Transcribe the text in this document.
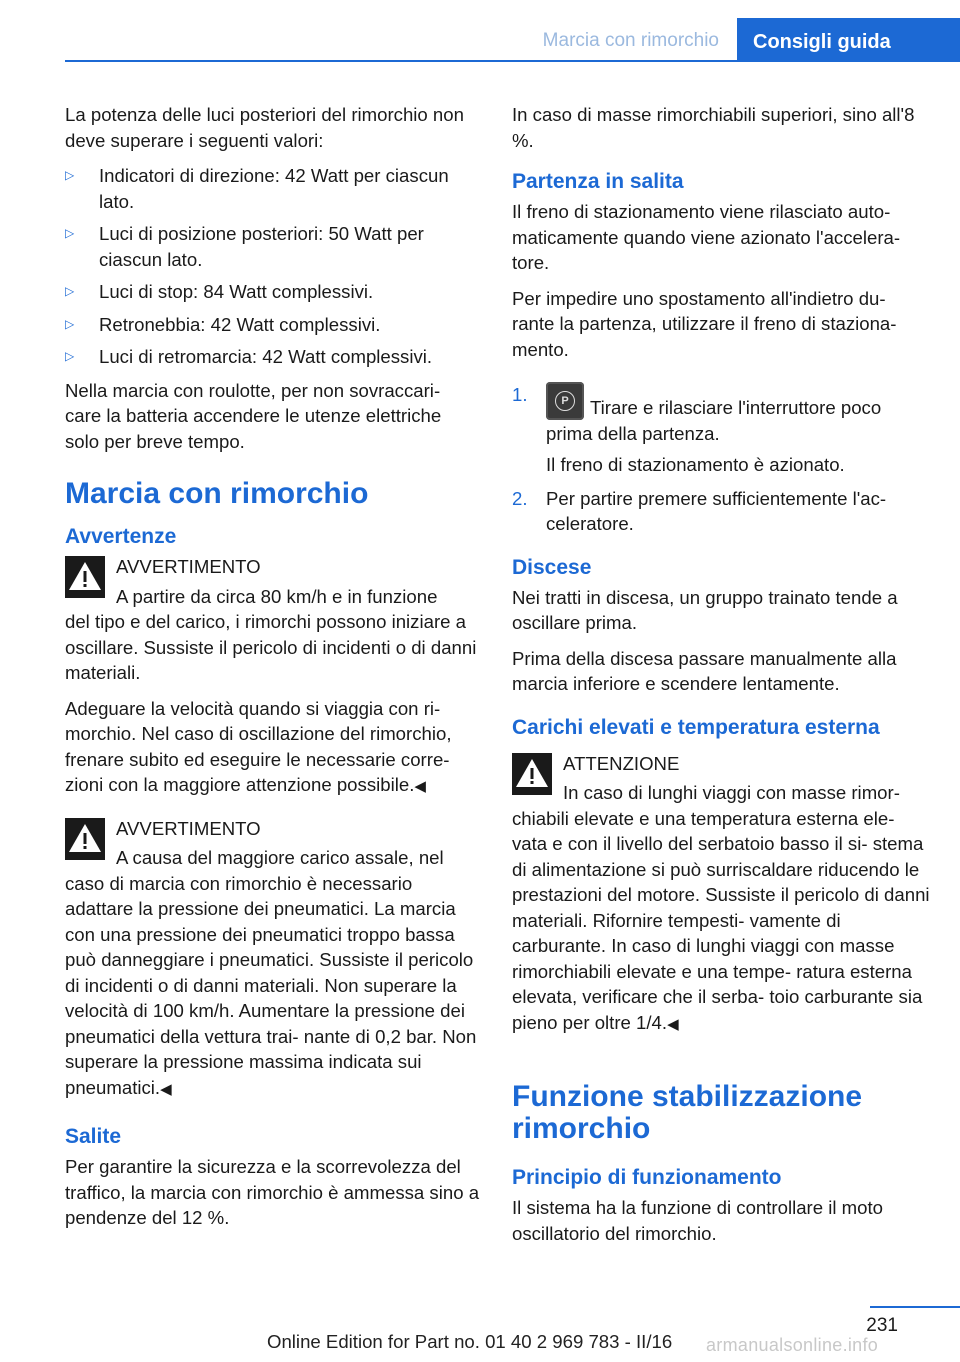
Marcia con rimorchio	Consigli guida

La potenza delle luci posteriori del rimorchio non deve superare i seguenti valori:

▷ Indicatori di direzione: 42 Watt per ciascun lato.
▷ Luci di posizione posteriori: 50 Watt per ciascun lato.
▷ Luci di stop: 84 Watt complessivi.
▷ Retronebbia: 42 Watt complessivi.
▷ Luci di retromarcia: 42 Watt complessivi.

Nella marcia con roulotte, per non sovraccari- care la batteria accendere le utenze elettriche solo per breve tempo.

Marcia con rimorchio
Avvertenze

AVVERTIMENTO

A partire da circa 80 km/h e in funzione

del tipo e del carico, i rimorchi possono iniziare a oscillare. Sussiste il pericolo di incidenti o di danni materiali.

Adeguare la velocità quando si viaggia con ri- morchio. Nel caso di oscillazione del rimorchio, frenare subito ed eseguire le necessarie corre- zioni con la maggiore attenzione possibile.◀

AVVERTIMENTO

A causa del maggiore carico assale, nel

caso di marcia con rimorchio è necessario adattare la pressione dei pneumatici. La marcia con una pressione dei pneumatici troppo bassa può danneggiare i pneumatici. Sussiste il pericolo di incidenti o di danni materiali. Non superare la velocità di 100 km/h. Aumentare la pressione dei pneumatici della vettura trai- nante di 0,2 bar. Non superare la pressione massima indicata sui pneumatici.◀

Salite

Per garantire la sicurezza e la scorrevolezza del traffico, la marcia con rimorchio è ammessa sino a pendenze del 12 %.

In caso di masse rimorchiabili superiori, sino all'8 %.

Partenza in salita

Il freno di stazionamento viene rilasciato auto- maticamente quando viene azionato l'accelera- tore.

Per impedire uno spostamento all'indietro du- rante la partenza, utilizzare il freno di staziona- mento.

1.	P	Tirare e rilasciare l'interruttore poco prima della partenza.
Il freno di stazionamento è azionato.
2. Per partire premere sufficientemente l'ac- celeratore.
Discese

Nei tratti in discesa, un gruppo trainato tende a oscillare prima.

Prima della discesa passare manualmente alla marcia inferiore e scendere lentamente.

Carichi elevati e temperatura esterna

ATTENZIONE

In caso di lunghi viaggi con masse rimor-

chiabili elevate e una temperatura esterna ele- vata e con il livello del serbatoio basso il si- stema di alimentazione si può surriscaldare riducendo le prestazioni del motore. Sussiste il pericolo di danni materiali. Rifornire tempesti- vamente di carburante. In caso di lunghi viaggi con masse rimorchiabili elevate e una tempe- ratura esterna elevata, verificare che il serba- toio carburante sia pieno per oltre 1/4.◀

Funzione stabilizzazione rimorchio
Principio di funzionamento

Il sistema ha la funzione di controllare il moto oscillatorio del rimorchio.

231
Online Edition for Part no. 01 40 2 969 783 - II/16 armanualsonline.info
